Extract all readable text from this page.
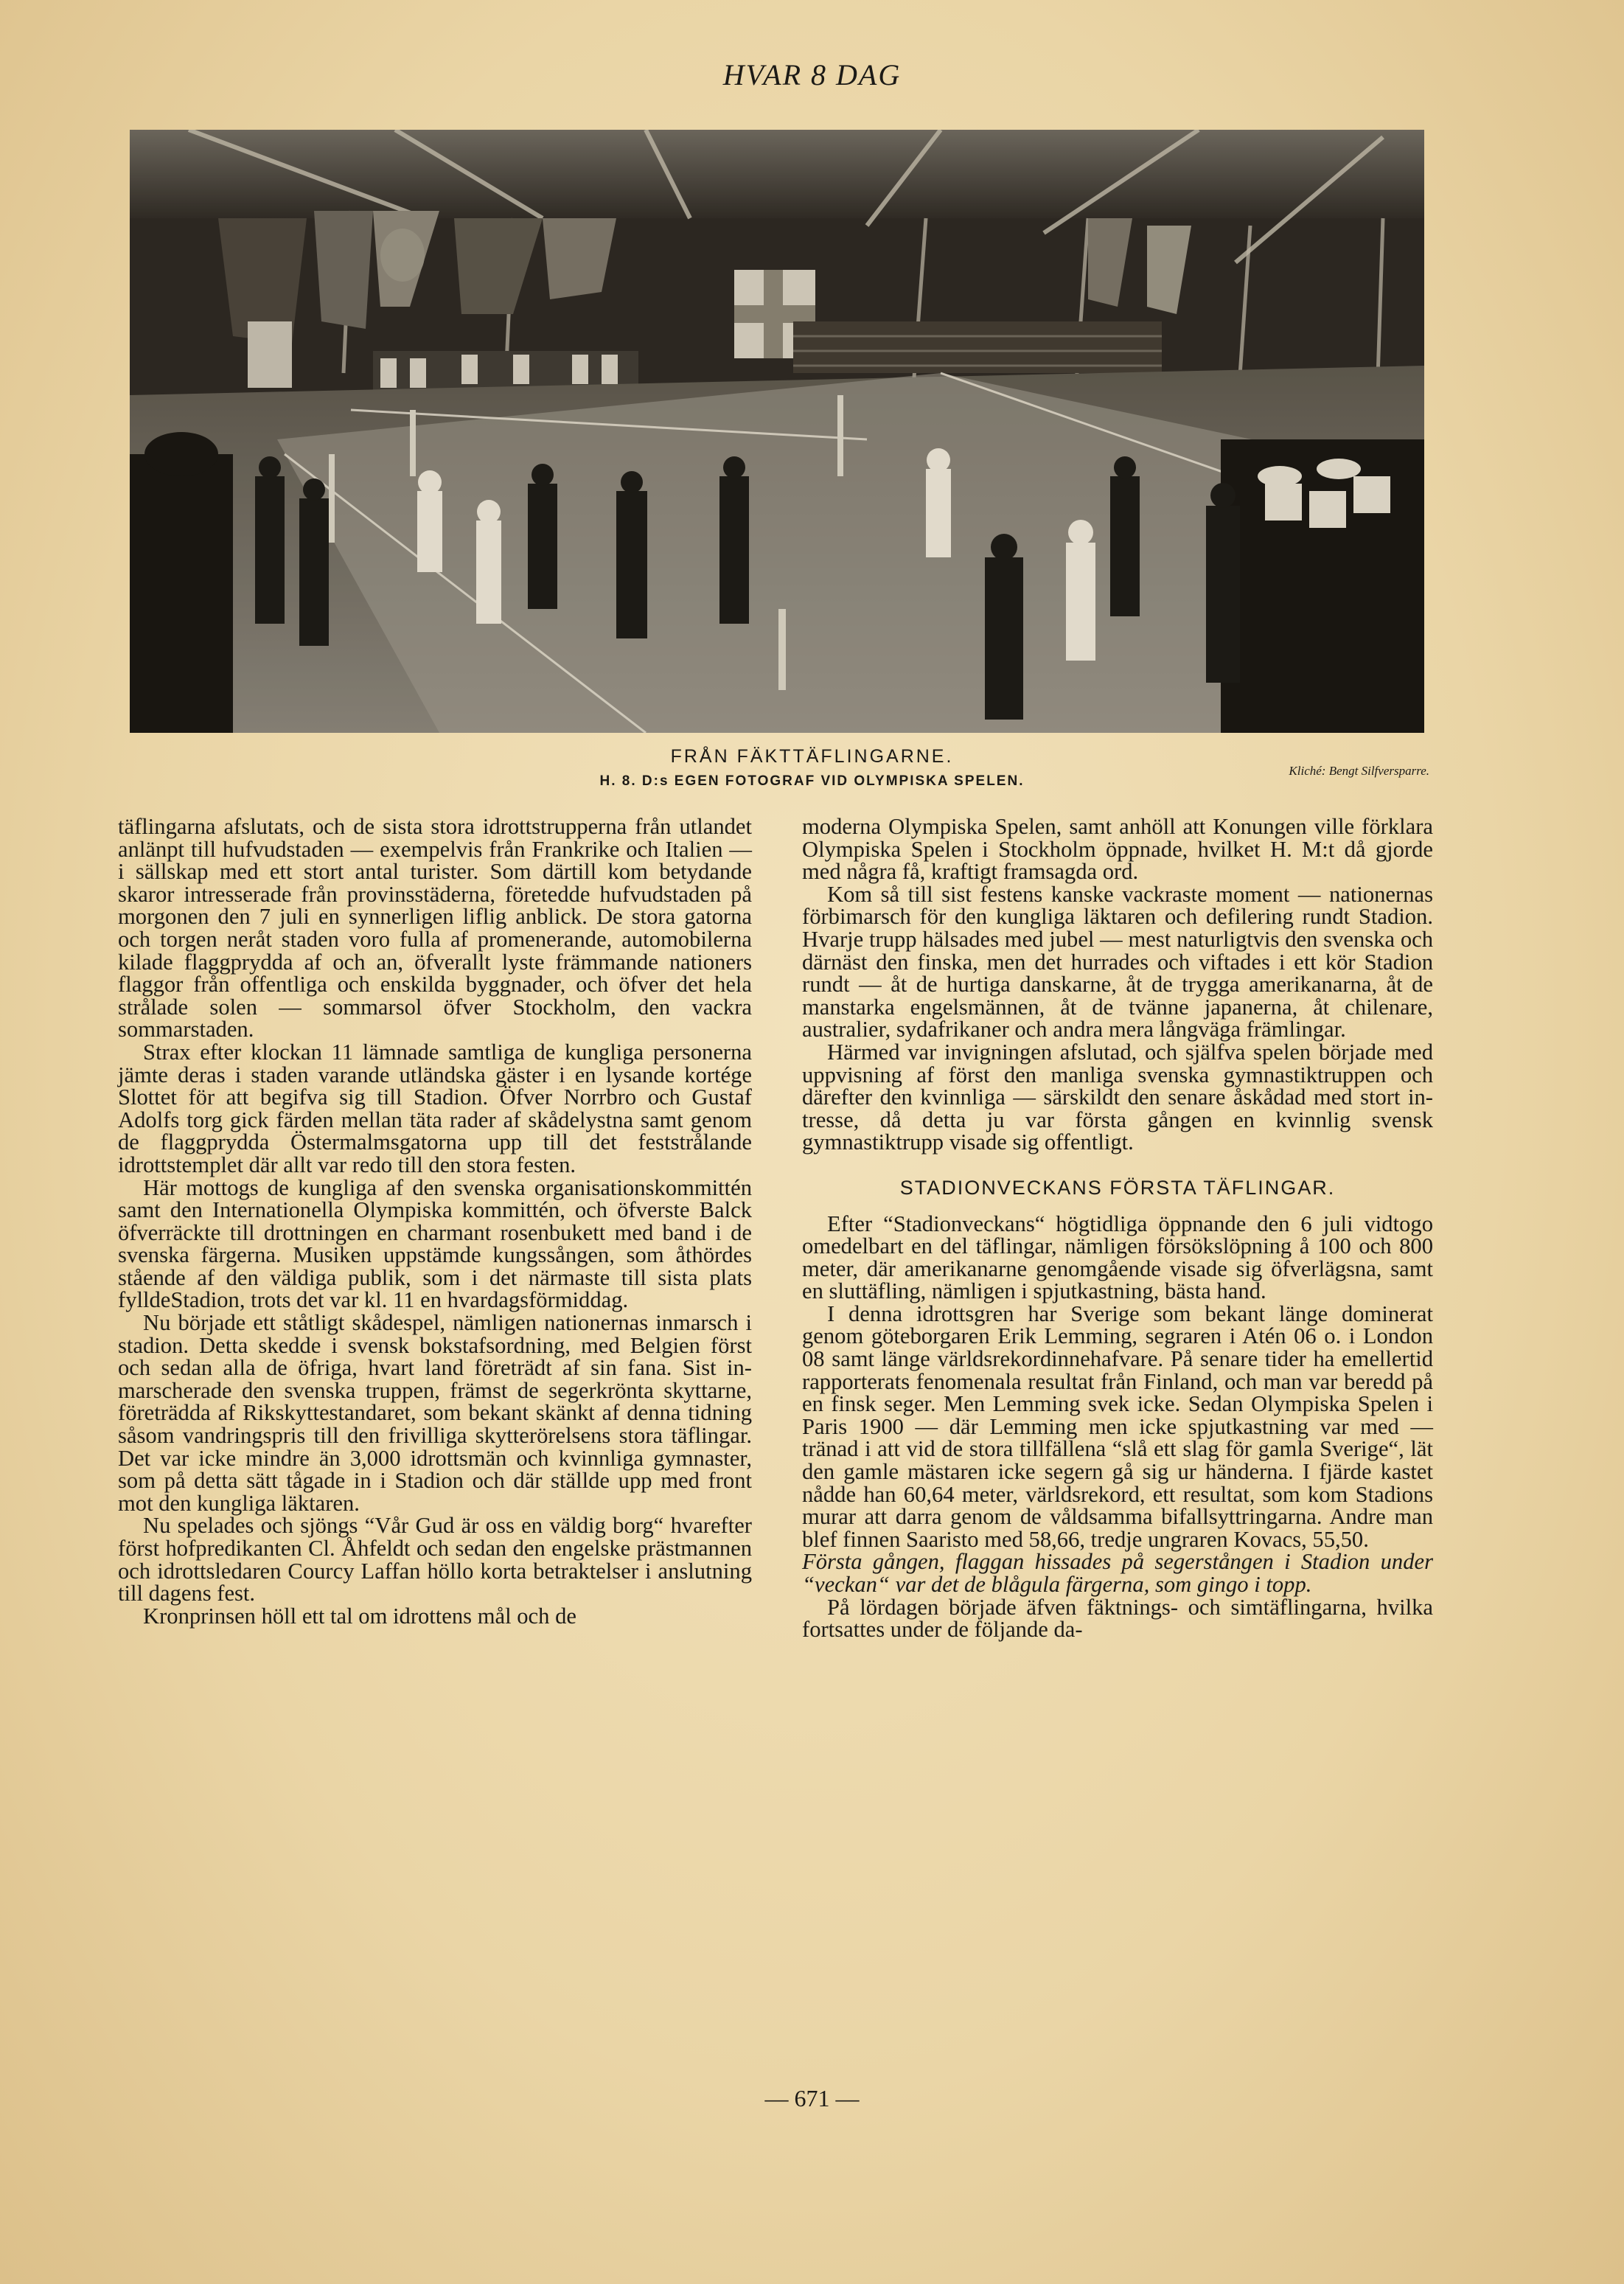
HVAR 8 DAG
FRÅN FÄKTTÄFLINGARNE.
H. 8. D:s EGEN FOTOGRAF VID OLYMPISKA SPELEN.
Kliché: Bengt Silfversparre.

täflingarna afslutats, och de sista stora idrottstrupperna från utlandet anlänpt till hufvudstaden — exempelvis från Frankrike och Italien — i sällskap med ett stort antal turister. Som därtill kom betydande skaror intresserade från provinsstäderna, företedde hufvudstaden på morgonen den 7 juli en synnerligen liflig anblick. De stora gatorna och torgen neråt staden voro fulla af promenerande, automobilerna kilade flaggprydda af och an, öfverallt lyste främmande nationers flaggor från offentliga och enskilda byggnader, och öfver det hela strålade solen — sommarsol öfver Stockholm, den vackra sommarstaden.

Strax efter klockan 11 lämnade samtliga de kungliga personerna jämte deras i staden varande utländska gäster i en lysande kortége Slottet för att begifva sig till Stadion. Öfver Norrbro och Gustaf Adolfs torg gick färden mellan täta rader af skådelystna samt genom de flaggprydda Östermalmsgatorna upp till det feststrålande idrottstemplet där allt var redo till den stora festen.

Här mottogs de kungliga af den svenska organisationskommittén samt den Internationella Olympiska kommittén, och öfverste Balck öfverräckte till drottningen en charmant rosenbukett med band i de svenska färgerna. Musiken uppstämde kungssången, som åthördes stående af den väldiga publik, som i det närmaste till sista plats fylldeStadion, trots det var kl. 11 en hvardagsförmiddag.

Nu började ett ståtligt skådespel, nämligen nationernas inmarsch i stadion. Detta skedde i svensk bokstafsordning, med Belgien först och sedan alla de öfriga, hvart land företrädt af sin fana. Sist inmarscherade den svenska truppen, främst de segerkrönta skyttarne, företrädda af Rikskyttestandaret, som bekant skänkt af denna tidning såsom vandringspris till den frivilliga skytterörelsens stora täflingar. Det var icke mindre än 3,000 idrottsmän och kvinnliga gymnaster, som på detta sätt tågade in i Stadion och där ställde upp med front mot den kungliga läktaren.

Nu spelades och sjöngs “Vår Gud är oss en väldig borg“ hvarefter först hofpredikanten Cl. Åhfeldt och sedan den engelske prästmannen och idrottsledaren Courcy Laffan höllo korta betraktelser i anslutning till dagens fest.

Kronprinsen höll ett tal om idrottens mål och de

moderna Olympiska Spelen, samt anhöll att Konungen ville förklara Olympiska Spelen i Stockholm öppnade, hvilket H. M:t då gjorde med några få, kraftigt framsagda ord.

Kom så till sist festens kanske vackraste moment — nationernas förbimarsch för den kungliga läktaren och defilering rundt Stadion. Hvarje trupp hälsades med jubel — mest naturligtvis den svenska och därnäst den finska, men det hurrades och viftades i ett kör Stadion rundt — åt de hurtiga danskarne, åt de trygga amerikanarna, åt de manstarka engelsmännen, åt de tvänne japanerna, åt chilenare, australier, sydafrikaner och andra mera långväga främlingar.

Härmed var invigningen afslutad, och själfva spelen började med uppvisning af först den manliga svenska gymnastiktruppen och därefter den kvinnliga — särskildt den senare åskådad med stort intresse, då detta ju var första gången en kvinnlig svensk gymnastiktrupp visade sig offentligt.

STADIONVECKANS FÖRSTA TÄFLINGAR.

Efter “Stadionveckans“ högtidliga öppnande den 6 juli vidtogo omedelbart en del täflingar, nämligen försökslöpning å 100 och 800 meter, där amerikanarne genomgående visade sig öfverlägsna, samt en sluttäfling, nämligen i spjutkastning, bästa hand.

I denna idrottsgren har Sverige som bekant länge dominerat genom göteborgaren Erik Lemming, segraren i Atén 06 o. i London 08 samt länge världsrekordinnehafvare. På senare tider ha emellertid rapporterats fenomenala resultat från Finland, och man var beredd på en finsk seger. Men Lemming svek icke. Sedan Olympiska Spelen i Paris 1900 — där Lemming men icke spjutkastning var med — tränad i att vid de stora tillfällena “slå ett slag för gamla Sverige“, lät den gamle mästaren icke segern gå sig ur händerna. I fjärde kastet nådde han 60,64 meter, världsrekord, ett resultat, som kom Stadions murar att darra genom de våldsamma bifallsyttringarna. Andre man blef finnen Saaristo med 58,66, tredje ungraren Kovacs, 55,50.

Första gången, flaggan hissades på segerstången i Stadion under “veckan“ var det de blågula färgerna, som gingo i topp.

På lördagen började äfven fäktnings- och simtäflingarna, hvilka fortsattes under de följande da-

— 671 —
